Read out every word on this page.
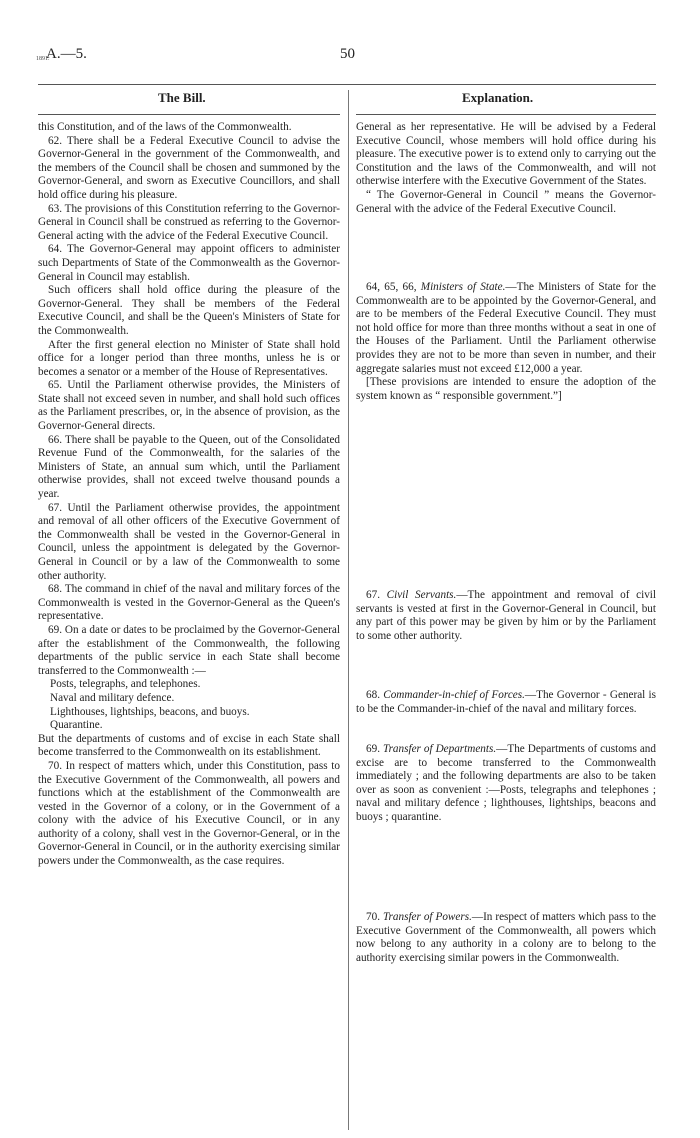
1891.
A.—5.	50
The Bill.	Explanation.

this Constitution, and of the laws of the Commonwealth.

62. There shall be a Federal Executive Council to advise the Governor-General in the government of the Commonwealth, and the members of the Council shall be chosen and summoned by the Governor-General, and sworn as Executive Councillors, and shall hold office during his pleasure.

63. The provisions of this Constitution referring to the Governor-General in Council shall be construed as referring to the Governor-General acting with the advice of the Federal Executive Council.

64. The Governor-General may appoint officers to administer such Departments of State of the Commonwealth as the Governor-General in Council may establish.

Such officers shall hold office during the pleasure of the Governor-General. They shall be members of the Federal Executive Council, and shall be the Queen's Ministers of State for the Commonwealth.

After the first general election no Minister of State shall hold office for a longer period than three months, unless he is or becomes a senator or a member of the House of Representatives.

65. Until the Parliament otherwise provides, the Ministers of State shall not exceed seven in number, and shall hold such offices as the Parliament prescribes, or, in the absence of provision, as the Governor-General directs.

66. There shall be payable to the Queen, out of the Consolidated Revenue Fund of the Commonwealth, for the salaries of the Ministers of State, an annual sum which, until the Parliament otherwise provides, shall not exceed twelve thousand pounds a year.

67. Until the Parliament otherwise provides, the appointment and removal of all other officers of the Executive Government of the Commonwealth shall be vested in the Governor-General in Council, unless the appointment is delegated by the Governor-General in Council or by a law of the Commonwealth to some other authority.

68. The command in chief of the naval and military forces of the Commonwealth is vested in the Governor-General as the Queen's representative.

69. On a date or dates to be proclaimed by the Governor-General after the establishment of the Commonwealth, the following departments of the public service in each State shall become transferred to the Commonwealth :—

Posts, telegraphs, and telephones.

Naval and military defence.

Lighthouses, lightships, beacons, and buoys.

Quarantine.

But the departments of customs and of excise in each State shall become transferred to the Commonwealth on its establishment.

70. In respect of matters which, under this Constitution, pass to the Executive Government of the Commonwealth, all powers and functions which at the establishment of the Commonwealth are vested in the Governor of a colony, or in the Government of a colony with the advice of his Executive Council, or in any authority of a colony, shall vest in the Governor-General, or in the Governor-General in Council, or in the authority exercising similar powers under the Commonwealth, as the case requires.

General as her representative. He will be advised by a Federal Executive Council, whose members will hold office during his pleasure. The executive power is to extend only to carrying out the Constitution and the laws of the Commonwealth, and will not otherwise interfere with the Executive Government of the States.

“ The Governor-General in Council ” means the Governor-General with the advice of the Federal Executive Council.

64, 65, 66, Ministers of State.—The Ministers of State for the Commonwealth are to be appointed by the Governor-General, and are to be members of the Federal Executive Council. They must not hold office for more than three months without a seat in one of the Houses of the Parliament. Until the Parliament otherwise provides they are not to be more than seven in number, and their aggregate salaries must not exceed £12,000 a year.

[These provisions are intended to ensure the adoption of the system known as “ responsible government.”]

67. Civil Servants.—The appointment and removal of civil servants is vested at first in the Governor-General in Council, but any part of this power may be given by him or by the Parliament to some other authority.

68. Commander-in-chief of Forces.—The Governor - General is to be the Commander-in-chief of the naval and military forces.

69. Transfer of Departments.—The Departments of customs and excise are to become transferred to the Commonwealth immediately ; and the following departments are also to be taken over as soon as convenient :—Posts, telegraphs and telephones ; naval and military defence ; lighthouses, lightships, beacons and buoys ; quarantine.

70. Transfer of Powers.—In respect of matters which pass to the Executive Government of the Commonwealth, all powers which now belong to any authority in a colony are to belong to the authority exercising similar powers in the Commonwealth.
